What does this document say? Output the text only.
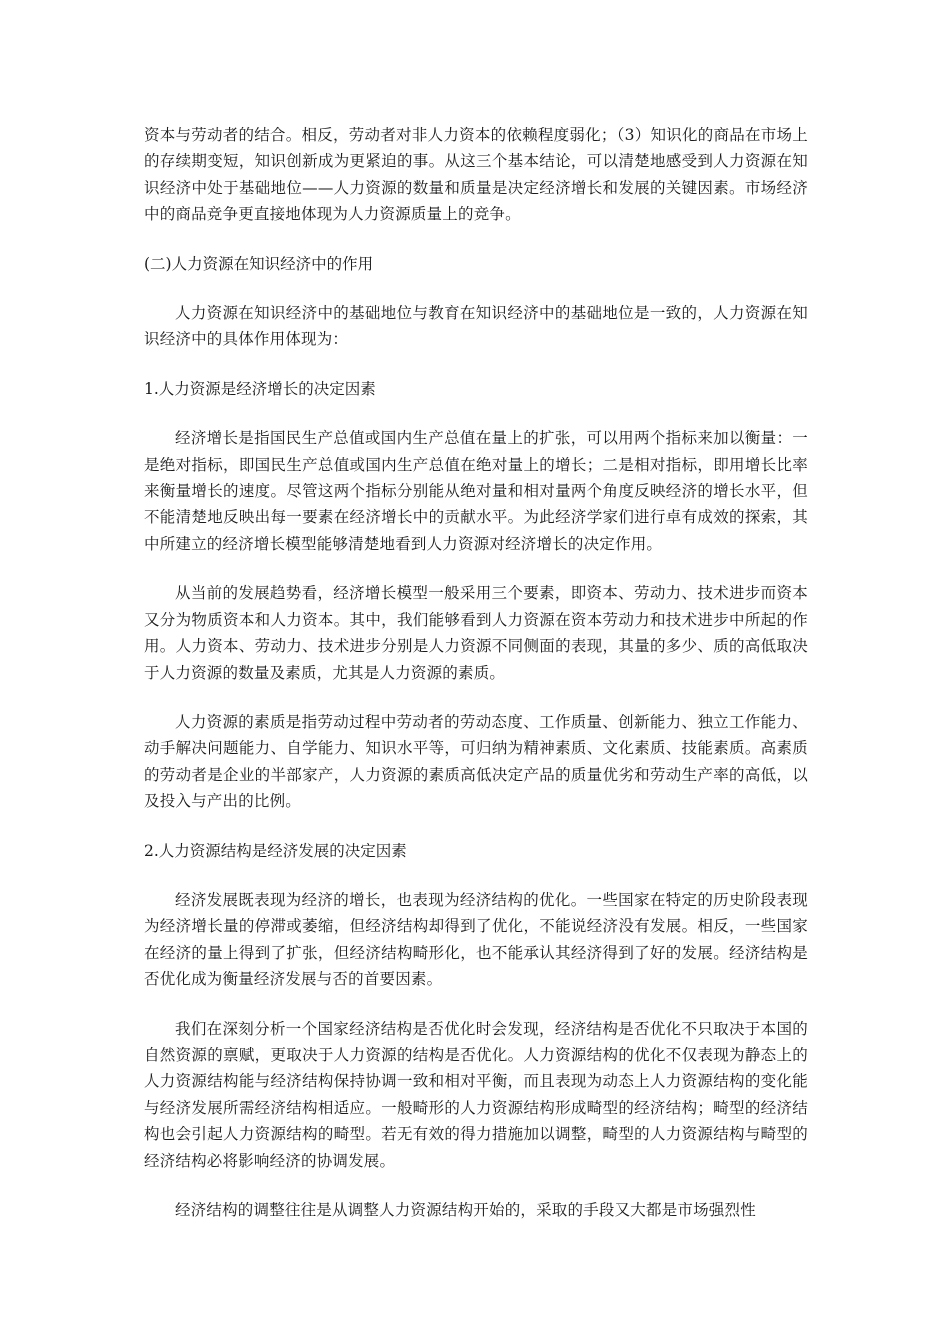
资本与劳动者的结合。相反，劳动者对非人力资本的依赖程度弱化；（3）知识化的商品在市场上的存续期变短，知识创新成为更紧迫的事。从这三个基本结论，可以清楚地感受到人力资源在知识经济中处于基础地位——人力资源的数量和质量是决定经济增长和发展的关键因素。市场经济中的商品竞争更直接地体现为人力资源质量上的竞争。

(二)人力资源在知识经济中的作用

人力资源在知识经济中的基础地位与教育在知识经济中的基础地位是一致的，人力资源在知识经济中的具体作用体现为：

1.人力资源是经济增长的决定因素

经济增长是指国民生产总值或国内生产总值在量上的扩张，可以用两个指标来加以衡量：一是绝对指标，即国民生产总值或国内生产总值在绝对量上的增长；二是相对指标，即用增长比率来衡量增长的速度。尽管这两个指标分别能从绝对量和相对量两个角度反映经济的增长水平，但不能清楚地反映出每一要素在经济增长中的贡献水平。为此经济学家们进行卓有成效的探索，其中所建立的经济增长模型能够清楚地看到人力资源对经济增长的决定作用。

从当前的发展趋势看，经济增长模型一般采用三个要素，即资本、劳动力、技术进步而资本又分为物质资本和人力资本。其中，我们能够看到人力资源在资本劳动力和技术进步中所起的作用。人力资本、劳动力、技术进步分别是人力资源不同侧面的表现，其量的多少、质的高低取决于人力资源的数量及素质，尤其是人力资源的素质。

人力资源的素质是指劳动过程中劳动者的劳动态度、工作质量、创新能力、独立工作能力、动手解决问题能力、自学能力、知识水平等，可归纳为精神素质、文化素质、技能素质。高素质的劳动者是企业的半部家产，人力资源的素质高低决定产品的质量优劣和劳动生产率的高低，以及投入与产出的比例。

2.人力资源结构是经济发展的决定因素

经济发展既表现为经济的增长，也表现为经济结构的优化。一些国家在特定的历史阶段表现为经济增长量的停滞或萎缩，但经济结构却得到了优化，不能说经济没有发展。相反，一些国家在经济的量上得到了扩张，但经济结构畸形化，也不能承认其经济得到了好的发展。经济结构是否优化成为衡量经济发展与否的首要因素。

我们在深刻分析一个国家经济结构是否优化时会发现，经济结构是否优化不只取决于本国的自然资源的禀赋，更取决于人力资源的结构是否优化。人力资源结构的优化不仅表现为静态上的人力资源结构能与经济结构保持协调一致和相对平衡，而且表现为动态上人力资源结构的变化能与经济发展所需经济结构相适应。一般畸形的人力资源结构形成畸型的经济结构；畸型的经济结构也会引起人力资源结构的畸型。若无有效的得力措施加以调整，畸型的人力资源结构与畸型的经济结构必将影响经济的协调发展。

经济结构的调整往往是从调整人力资源结构开始的，采取的手段又大都是市场强烈性
